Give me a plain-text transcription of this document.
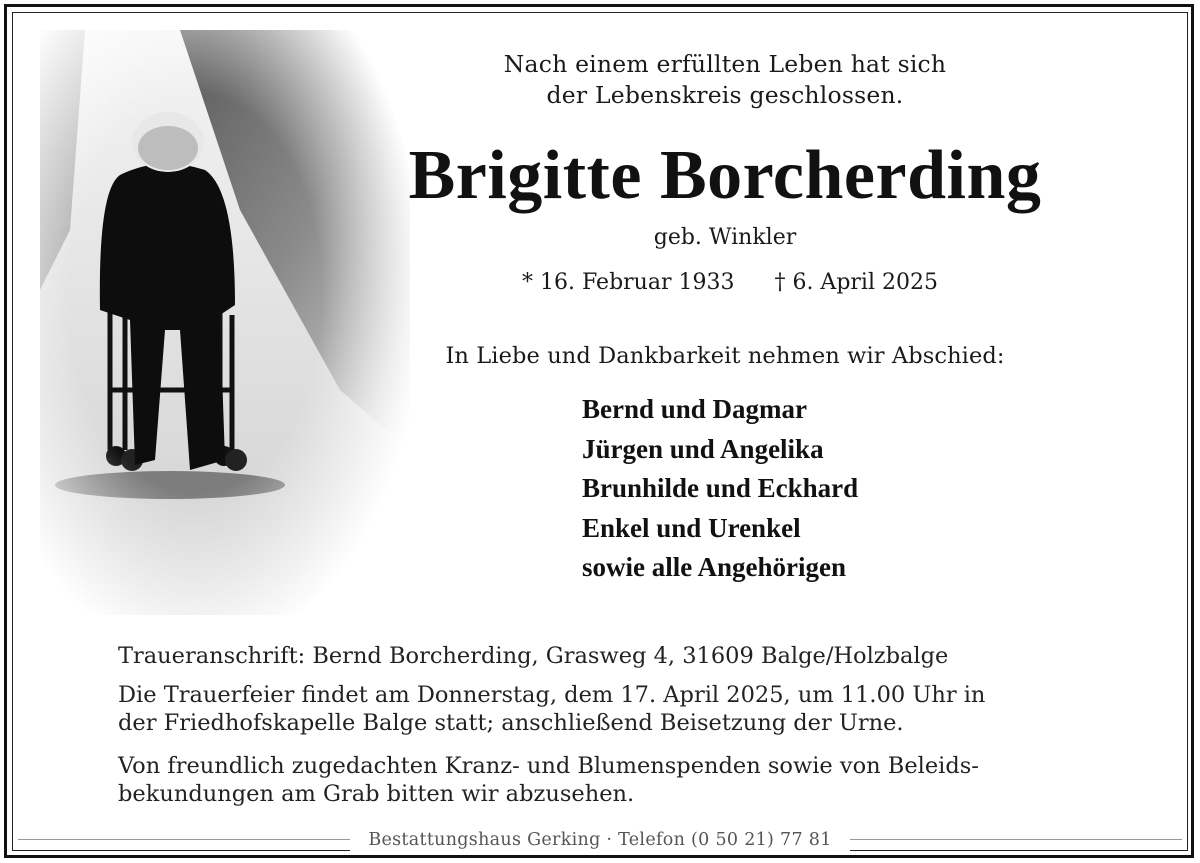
Nach einem erfüllten Leben hat sich
der Lebenskreis geschlossen.
Brigitte Borcherding
geb. Winkler
* 16. Februar 1933 † 6. April 2025
In Liebe und Dankbarkeit nehmen wir Abschied:
Bernd und Dagmar
Jürgen und Angelika
Brunhilde und Eckhard
Enkel und Urenkel
sowie alle Angehörigen
Traueranschrift: Bernd Borcherding, Grasweg 4, 31609 Balge/Holzbalge
Die Trauerfeier findet am Donnerstag, dem 17. April 2025, um 11.00 Uhr in
der Friedhofskapelle Balge statt; anschließend Beisetzung der Urne.
Von freundlich zugedachten Kranz- und Blumenspenden sowie von Beleids-
bekundungen am Grab bitten wir abzusehen.
Bestattungshaus Gerking · Telefon (0 50 21) 77 81
